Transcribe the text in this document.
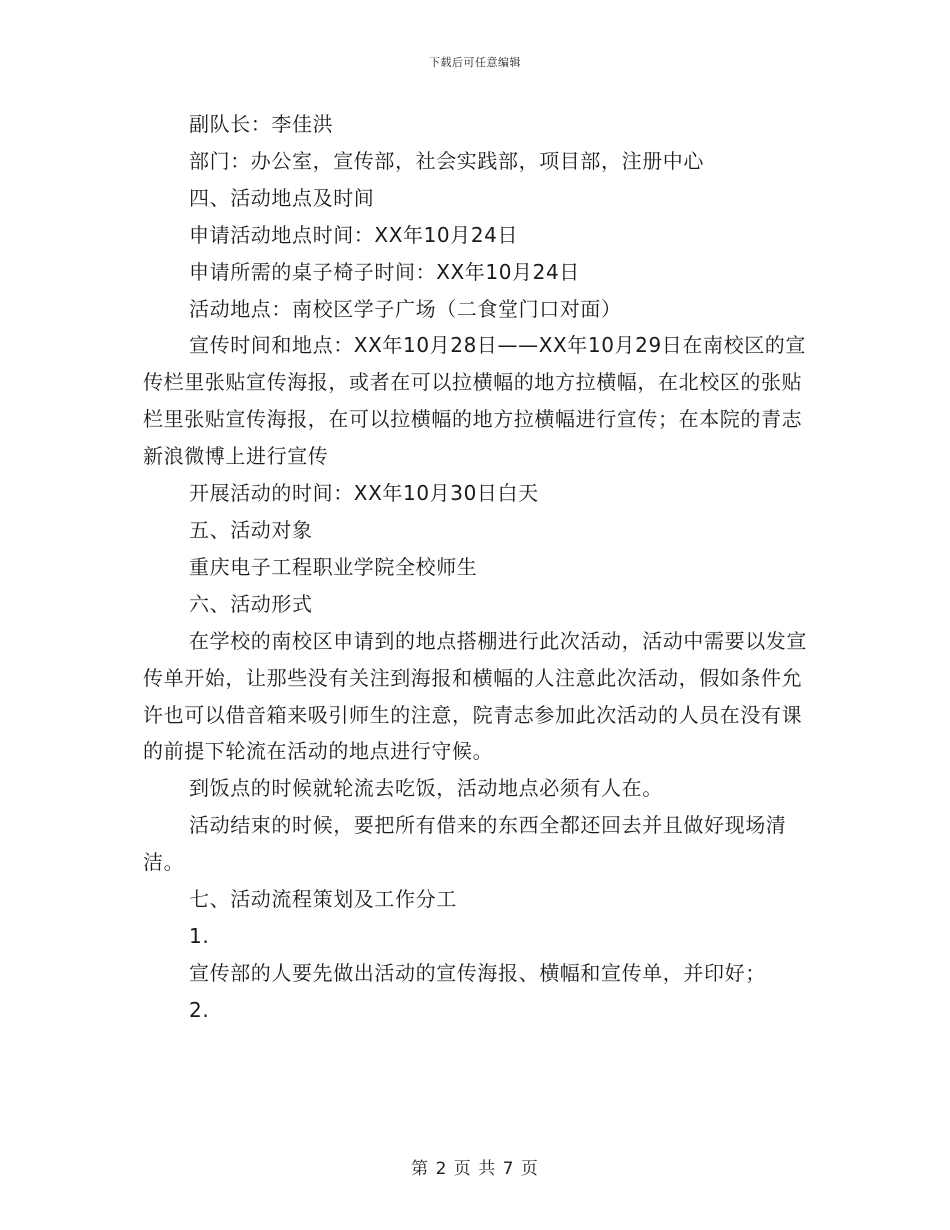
下载后可任意编辑

副队长：李佳洪

部门：办公室，宣传部，社会实践部，项目部，注册中心

四、活动地点及时间

申请活动地点时间：XX年10月24日

申请所需的桌子椅子时间：XX年10月24日

活动地点：南校区学子广场（二食堂门口对面）

宣传时间和地点：XX年10月28日——XX年10月29日在南校区的宣传栏里张贴宣传海报，或者在可以拉横幅的地方拉横幅，在北校区的张贴栏里张贴宣传海报，在可以拉横幅的地方拉横幅进行宣传；在本院的青志新浪微博上进行宣传

开展活动的时间：XX年10月30日白天

五、活动对象

重庆电子工程职业学院全校师生

六、活动形式

在学校的南校区申请到的地点搭棚进行此次活动，活动中需要以发宣传单开始，让那些没有关注到海报和横幅的人注意此次活动，假如条件允许也可以借音箱来吸引师生的注意，院青志参加此次活动的人员在没有课的前提下轮流在活动的地点进行守候。

到饭点的时候就轮流去吃饭，活动地点必须有人在。

活动结束的时候，要把所有借来的东西全都还回去并且做好现场清洁。

七、活动流程策划及工作分工

1.

宣传部的人要先做出活动的宣传海报、横幅和宣传单，并印好；

2.

第 2 页 共 7 页
